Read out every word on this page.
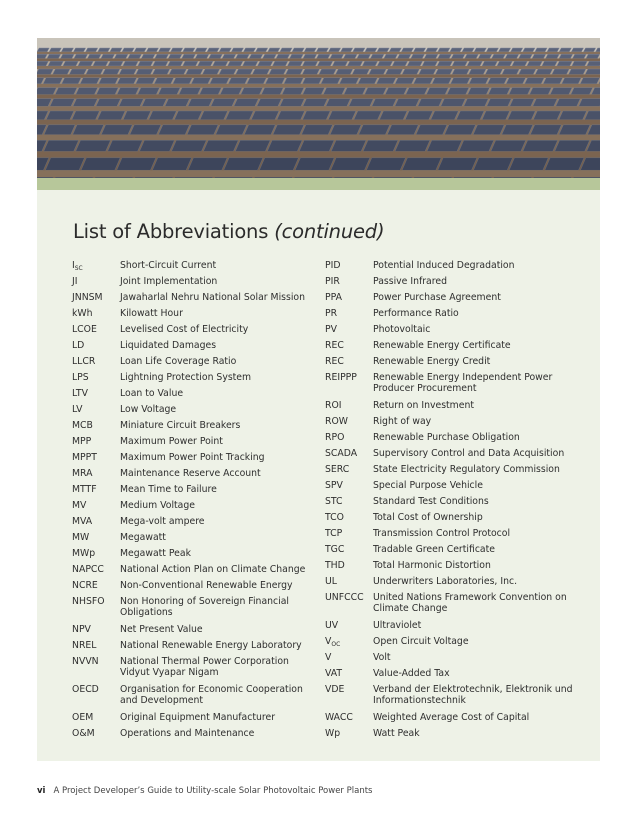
List of Abbreviations (continued)
$I_{SC}$	Short-Circuit Current
JI	Joint Implementation
JNNSM Jawaharlal Nehru National Solar Mission
kWh	Kilowatt Hour
LCOE Levelised Cost of Electricity
LD	Liquidated Damages
LLCR	Loan Life Coverage Ratio
LPS	Lightning Protection System
LTV	Loan to Value
LV	Low Voltage
MCB	Miniature Circuit Breakers
MPP	Maximum Power Point
MPPT Maximum Power Point Tracking
MRA	Maintenance Reserve Account
MTTF	Mean Time to Failure
MV	Medium Voltage
MVA	Mega-volt ampere
MW	Megawatt
MWp	Megawatt Peak
NAPCC National Action Plan on Climate Change
NCRE Non-Conventional Renewable Energy
NHSFO Non Honoring of Sovereign Financial Obligations
NPV	Net Present Value
NREL	National Renewable Energy Laboratory
NVVN National Thermal Power Corporation Vidyut Vyapar Nigam
OECD Organisation for Economic Cooperation and Development
OEM	Original Equipment Manufacturer
O&M	Operations and Maintenance
PID	Potential Induced Degradation
PIR	Passive Infrared
PPA	Power Purchase Agreement
PR	Performance Ratio
PV	Photovoltaic
REC	Renewable Energy Certificate
REC	Renewable Energy Credit
REIPPP Renewable Energy Independent Power Producer Procurement
ROI	Return on Investment
ROW	Right of way
RPO	Renewable Purchase Obligation
SCADA Supervisory Control and Data Acquisition
SERC	State Electricity Regulatory Commission
SPV	Special Purpose Vehicle
STC	Standard Test Conditions
TCO	Total Cost of Ownership
TCP	Transmission Control Protocol
TGC	Tradable Green Certificate
THD	Total Harmonic Distortion
UL	Underwriters Laboratories, Inc.
UNFCCC United Nations Framework Convention on Climate Change
UV	Ultraviolet
$V_{OC}$	Open Circuit Voltage
V	Volt
VAT	Value-Added Tax
VDE	Verband der Elektrotechnik, Elektronik und Informationstechnik
WACC Weighted Average Cost of Capital
Wp	Watt Peak
vi A Project Developer’s Guide to Utility-scale Solar Photovoltaic Power Plants
